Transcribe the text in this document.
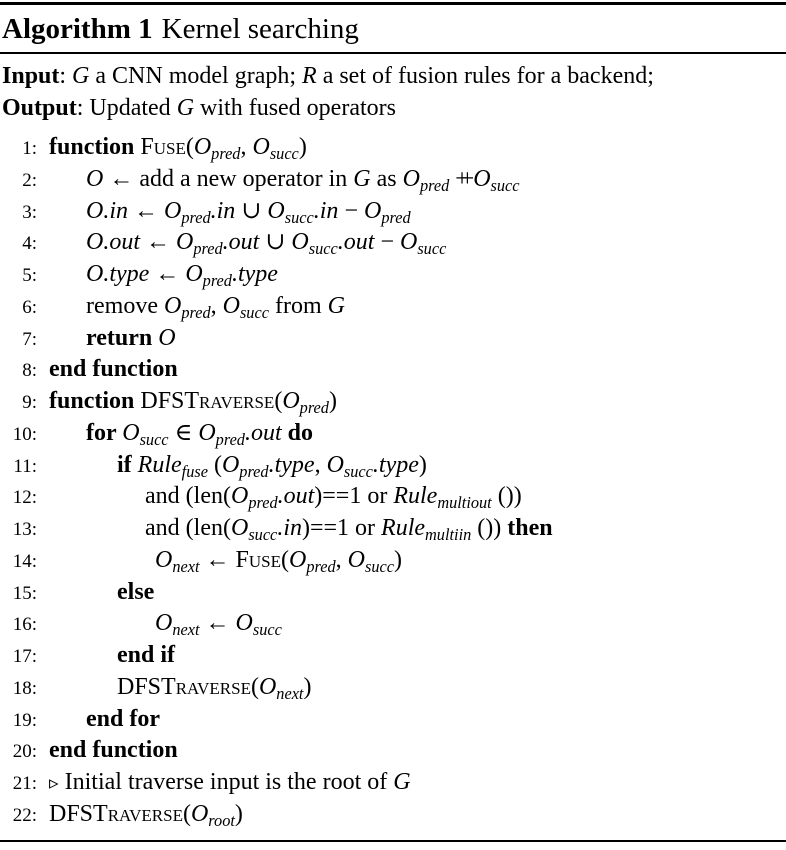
Algorithm 1 Kernel searching
Input: G a CNN model graph; R a set of fusion rules for a backend;
Output: Updated G with fused operators
1: function $Fuse(O_{pred}$, $O_{succ}$)
2: O ← add a new operator in G as $O_{pred} ++ O_{succ}$
3: O.in ← $O_{pred}.in$ ∪ $O_{succ}.in - O_{pred}$
4: O.out ← $O_{pred}.out$ ∪ $O_{succ}.out - O_{succ}$
5: O.type ← $O_{pred}.type$
6: remove $O_{pred}$, $O_{succ}$ from G
7: return O
8: end function
9: function $DFSTraverse(O_{pred})$
10: for $O_{succ}$ ∈ $O_{pred}.out$ do
11:	if Rule$_{fuse}$ ($O_{pred}.type$, $O_{succ}.type$)
12:	and ($len(O_{pred}.out)==1$ or Rule$_{multiout}$ ())
13:	and ($len(O_{succ}.in)==1$ or Rule$_{multiin}$ ()) then
14:	$O_{next}$ ← $Fuse(O_{pred}$, $O_{succ}$)
15:	else
16:	$O_{next}$ ← $O_{succ}$
17:	end if
18:	$DFSTraverse(O_{next})$
19: end for
20: end function
21: ▹ Initial traverse input is the root of G
22: $DFSTraverse(O_{root})$
